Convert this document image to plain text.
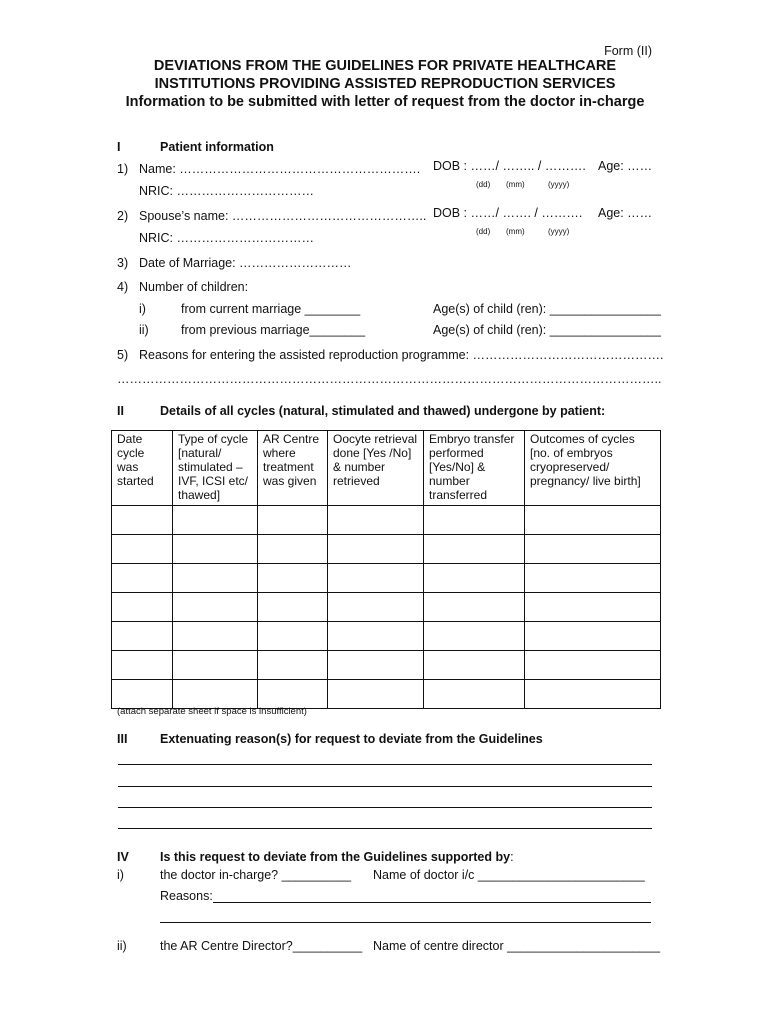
Form (II)
DEVIATIONS FROM THE GUIDELINES FOR PRIVATE HEALTHCARE
INSTITUTIONS PROVIDING ASSISTED REPRODUCTION SERVICES
Information to be submitted with letter of request from the doctor in-charge
I	Patient information
1) Name: …………………………………………………. DOB : ……/ …….. / ………. Age: ……
(dd) (mm)	(yyyy)
NRIC: ……………………………
2) Spouse’s name: ……………………………………….. DOB : ……/ ……. / ………. Age: ……
(dd) (mm)	(yyyy)
NRIC: ……………………………
3) Date of Marriage: ………………………
4) Number of children:
i)	from current marriage ________	Age(s) of child (ren): ________________
ii)	from previous marriage________	Age(s) of child (ren): ________________
5) Reasons for entering the assisted reproduction programme: ……………………………………….
…………………………………………………………………………………………………………………..
II	Details of all cycles (natural, stimulated and thawed) undergone by patient:
Date cycle was started	Type of cycle [natural/ stimulated – IVF, ICSI etc/ thawed]	AR Centre where treatment was given	Oocyte retrieval done [Yes /No] & number retrieved	Embryo transfer performed [Yes/No] & number transferred	Outcomes of cycles [no. of embryos cryopreserved/ pregnancy/ live birth]

(attach separate sheet if space is insufficient)
III	Extenuating reason(s) for request to deviate from the Guidelines
IV Is this request to deviate from the Guidelines supported by:
i)	the doctor in-charge? __________ Name of doctor i/c ________________________
Reasons:
ii)	the AR Centre Director?__________ Name of centre director ______________________
